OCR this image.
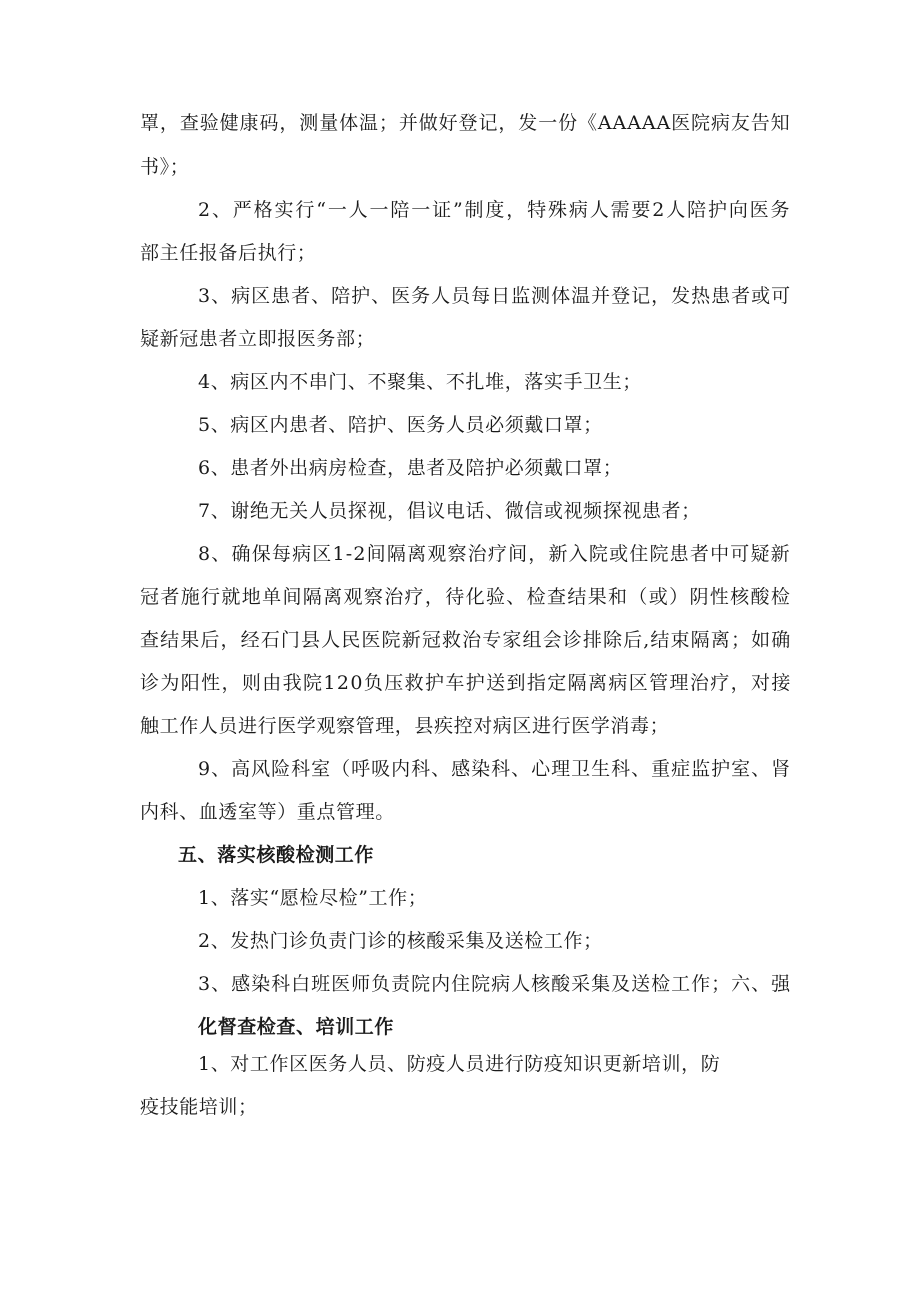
罩，查验健康码，测量体温；并做好登记，发一份《AAAAA医院病友告知
书》；
2、严格实行“一人一陪一证”制度，特殊病人需要2人陪护向医务
部主任报备后执行；
3、病区患者、陪护、医务人员每日监测体温并登记，发热患者或可
疑新冠患者立即报医务部；
4、病区内不串门、不聚集、不扎堆，落实手卫生；
5、病区内患者、陪护、医务人员必须戴口罩；
6、患者外出病房检查，患者及陪护必须戴口罩；
7、谢绝无关人员探视，倡议电话、微信或视频探视患者；
8、确保每病区1-2间隔离观察治疗间，新入院或住院患者中可疑新
冠者施行就地单间隔离观察治疗，待化验、检查结果和（或）阴性核酸检
查结果后，经石门县人民医院新冠救治专家组会诊排除后,结束隔离；如确
诊为阳性，则由我院120负压救护车护送到指定隔离病区管理治疗，对接
触工作人员进行医学观察管理，县疾控对病区进行医学消毒；
9、高风险科室（呼吸内科、感染科、心理卫生科、重症监护室、肾
内科、血透室等）重点管理。
五、落实核酸检测工作
1、落实“愿检尽检”工作；
2、发热门诊负责门诊的核酸采集及送检工作；
3、感染科白班医师负责院内住院病人核酸采集及送检工作；六、强
化督查检查、培训工作
1、对工作区医务人员、防疫人员进行防疫知识更新培训，防
疫技能培训；
